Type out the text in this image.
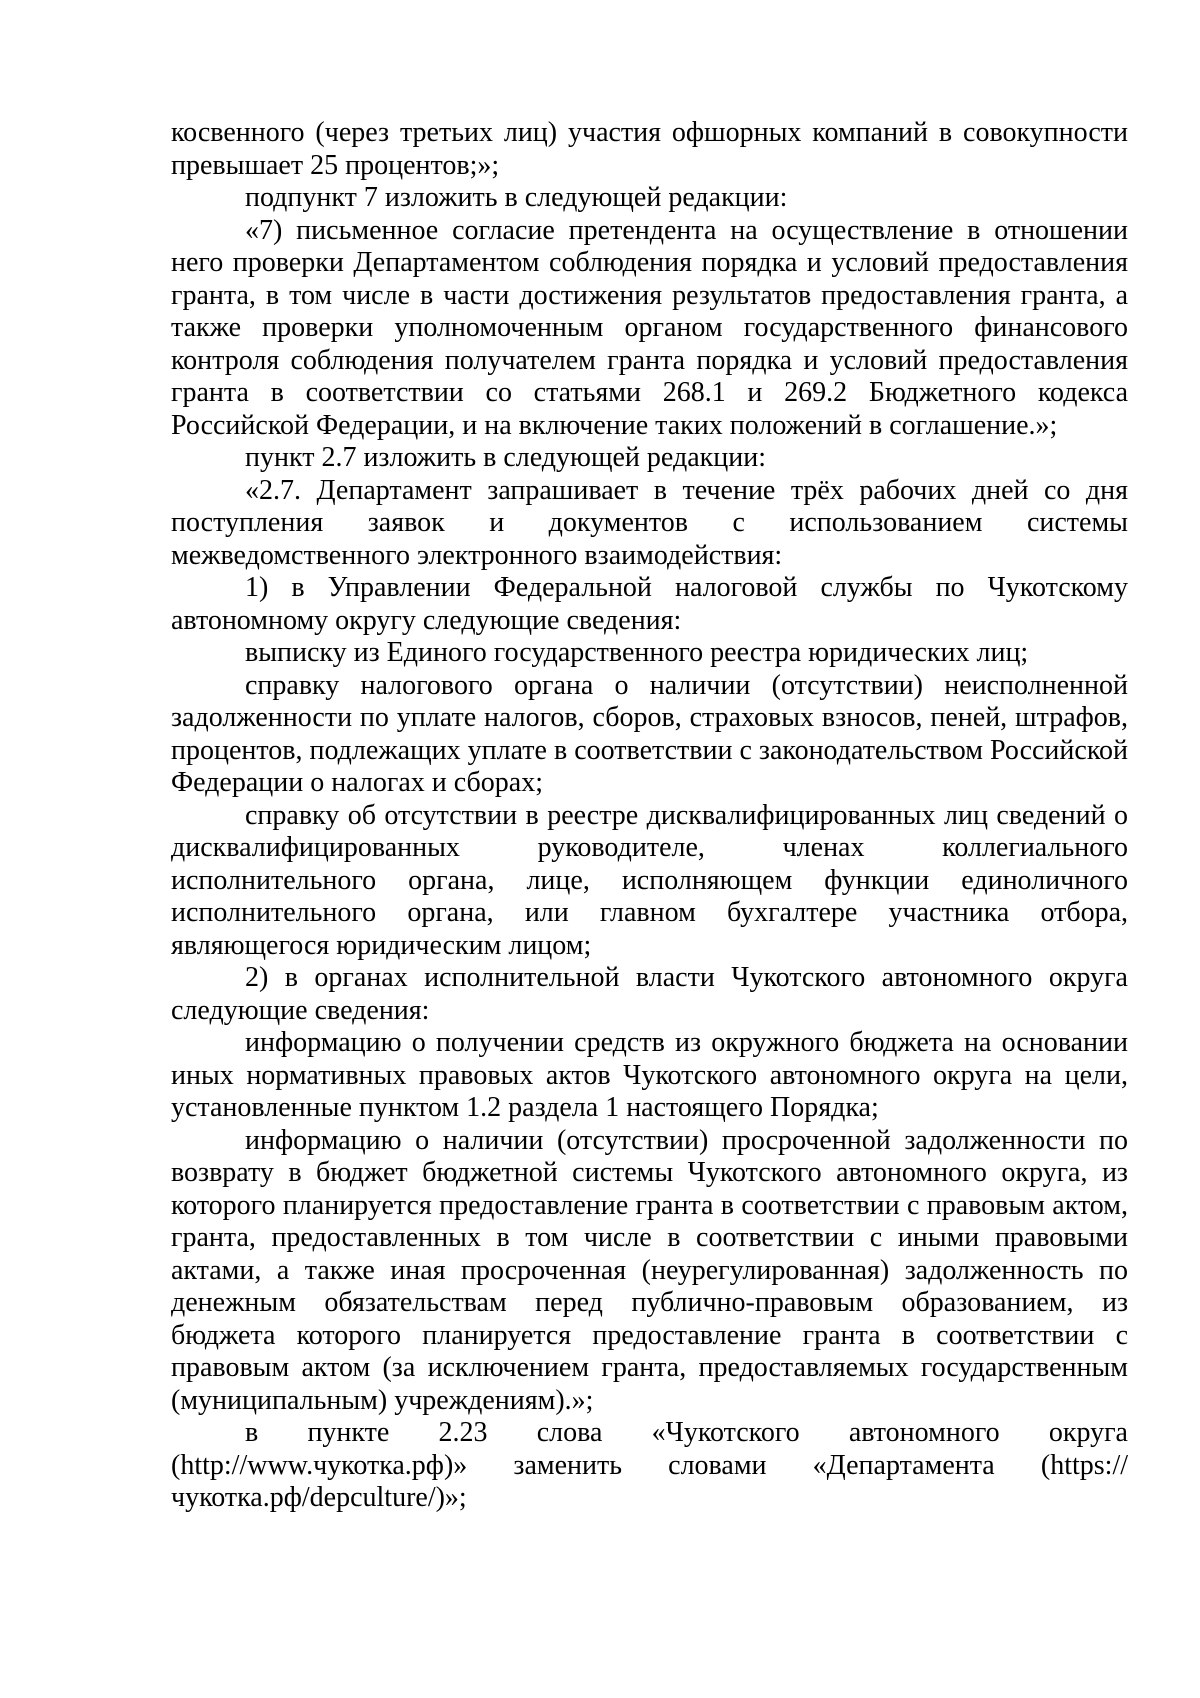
косвенного (через третьих лиц) участия офшорных компаний в совокупности превышает 25 процентов;»;

подпункт 7 изложить в следующей редакции:

«7) письменное согласие претендента на осуществление в отношении него проверки Департаментом соблюдения порядка и условий предоставления гранта, в том числе в части достижения результатов предоставления гранта, а также проверки уполномоченным органом государственного финансового контроля соблюдения получателем гранта порядка и условий предоставления гранта в соответствии со статьями 268.1 и 269.2 Бюджетного кодекса Российской Федерации, и на включение таких положений в соглашение.»;

пункт 2.7 изложить в следующей редакции:

«2.7. Департамент запрашивает в течение трёх рабочих дней со дня поступления заявок и документов с использованием системы межведомственного электронного взаимодействия:

1) в Управлении Федеральной налоговой службы по Чукотскому автономному округу следующие сведения:

выписку из Единого государственного реестра юридических лиц;

справку налогового органа о наличии (отсутствии) неисполненной задолженности по уплате налогов, сборов, страховых взносов, пеней, штрафов, процентов, подлежащих уплате в соответствии с законодательством Российской Федерации о налогах и сборах;

справку об отсутствии в реестре дисквалифицированных лиц сведений о дисквалифицированных руководителе, членах коллегиального исполнительного органа, лице, исполняющем функции единоличного исполнительного органа, или главном бухгалтере участника отбора, являющегося юридическим лицом;

2) в органах исполнительной власти Чукотского автономного округа следующие сведения:

информацию о получении средств из окружного бюджета на основании иных нормативных правовых актов Чукотского автономного округа на цели, установленные пунктом 1.2 раздела 1 настоящего Порядка;

информацию о наличии (отсутствии) просроченной задолженности по возврату в бюджет бюджетной системы Чукотского автономного округа, из которого планируется предоставление гранта в соответствии с правовым актом, гранта, предоставленных в том числе в соответствии с иными правовыми актами, а также иная просроченная (неурегулированная) задолженность по денежным обязательствам перед публично-правовым образованием, из бюджета которого планируется предоставление гранта в соответствии с правовым актом (за исключением гранта, предоставляемых государственным (муниципальным) учреждениям).»;

в пункте 2.23 слова «Чукотского автономного округа (http://www.чукотка.рф)» заменить словами «Департамента (https://чукотка.рф/depculture/)»;
